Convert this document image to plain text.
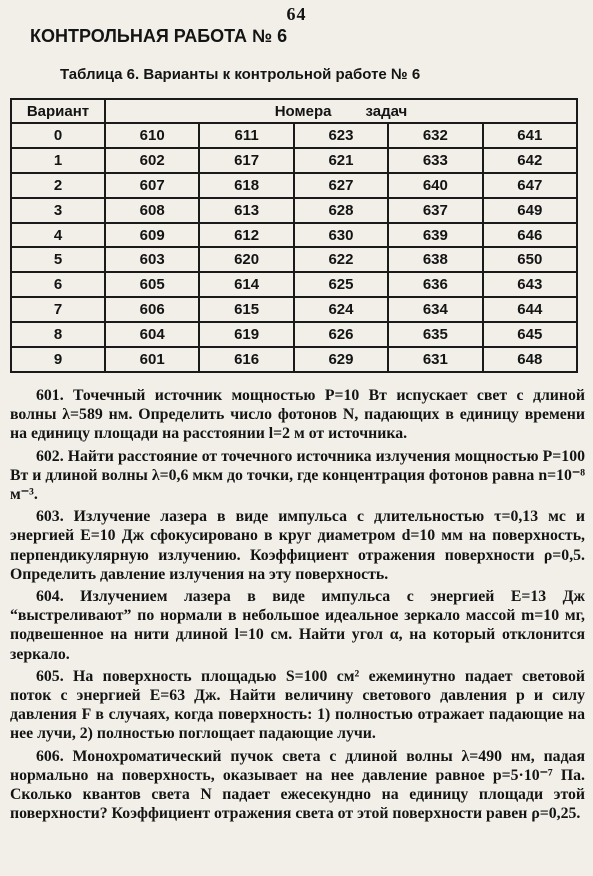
64
КОНТРОЛЬНАЯ РАБОТА № 6
Таблица 6. Варианты к контрольной работе № 6
Вариант	Номера задач				

0	610	611	623	632	641
1	602	617	621	633	642
2	607	618	627	640	647
3	608	613	628	637	649
4	609	612	630	639	646
5	603	620	622	638	650
6	605	614	625	636	643
7	606	615	624	634	644
8	604	619	626	635	645
9	601	616	629	631	648

601. Точечный источник мощностью P=10 Вт испускает свет с длиной волны λ=589 нм. Определить число фотонов N, падающих в единицу времени на единицу площади на расстоянии l=2 м от источника.

602. Найти расстояние от точечного источника излучения мощностью P=100 Вт и длиной волны λ=0,6 мкм до точки, где концентрация фотонов равна n=10⁻⁸ м⁻³.

603. Излучение лазера в виде импульса с длительностью τ=0,13 мс и энергией E=10 Дж сфокусировано в круг диаметром d=10 мм на поверхность, перпендикулярную излучению. Коэффициент отражения поверхности ρ=0,5. Определить давление излучения на эту поверхность.

604. Излучением лазера в виде импульса с энергией E=13 Дж “выстреливают” по нормали в небольшое идеальное зеркало массой m=10 мг, подвешенное на нити длиной l=10 см. Найти угол α, на который отклонится зеркало.

605. На поверхность площадью S=100 см² ежеминутно падает световой поток с энергией E=63 Дж. Найти величину светового давления p и силу давления F в случаях, когда поверхность: 1) полностью отражает падающие на нее лучи, 2) полностью поглощает падающие лучи.

606. Монохроматический пучок света с длиной волны λ=490 нм, падая нормально на поверхность, оказывает на нее давление равное p=5·10⁻⁷ Па. Сколько квантов света N падает ежесекундно на единицу площади этой поверхности? Коэффициент отражения света от этой поверхности равен ρ=0,25.
